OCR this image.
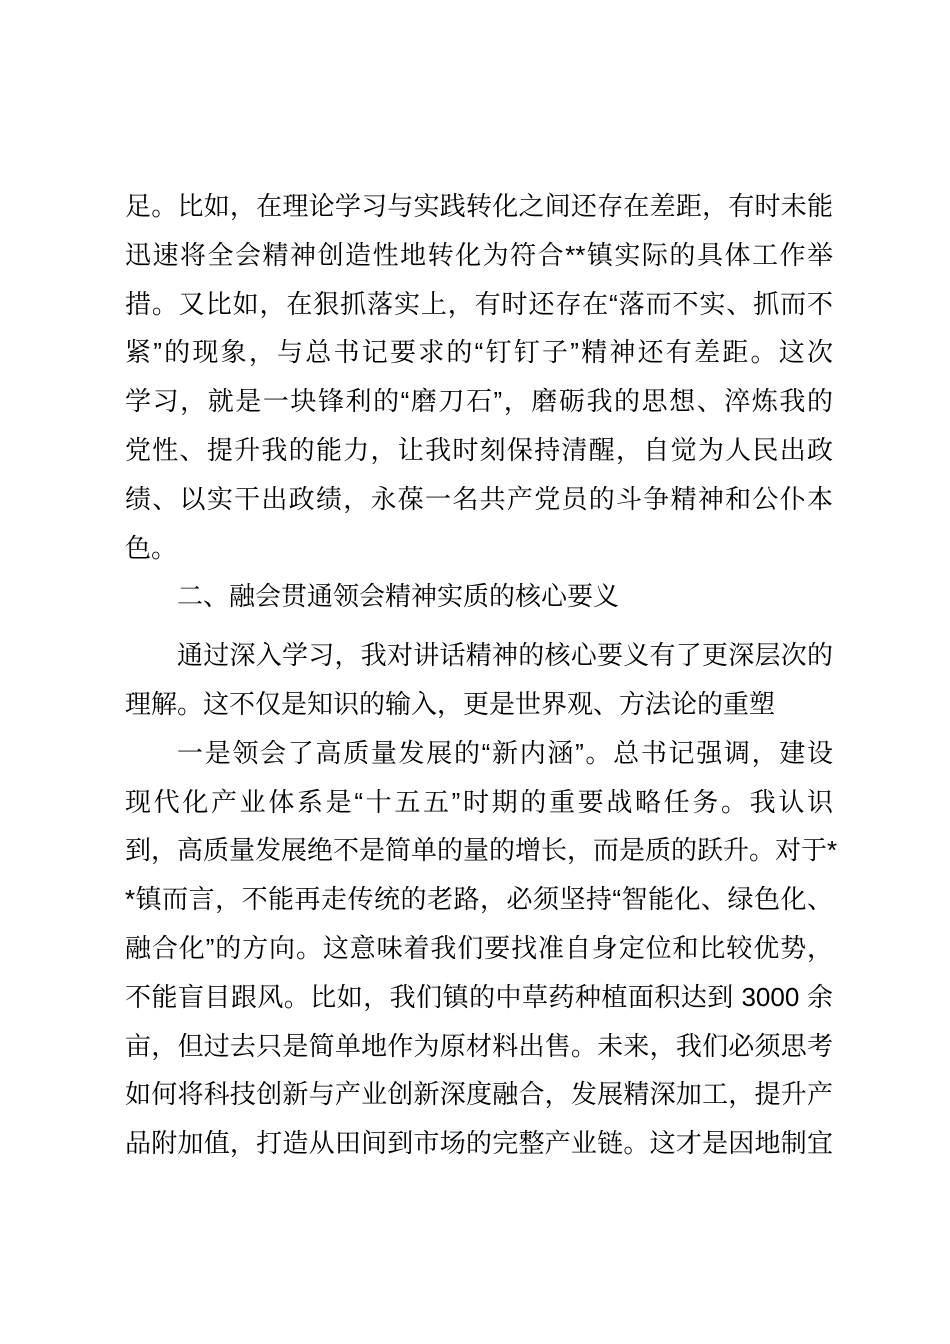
足。比如，在理论学习与实践转化之间还存在差距，有时未能
迅速将全会精神创造性地转化为符合**镇实际的具体工作举
措。又比如，在狠抓落实上，有时还存在“落而不实、抓而不
紧”的现象，与总书记要求的“钉钉子”精神还有差距。这次
学习，就是一块锋利的“磨刀石”，磨砺我的思想、淬炼我的
党性、提升我的能力，让我时刻保持清醒，自觉为人民出政
绩、以实干出政绩，永葆一名共产党员的斗争精神和公仆本
色。
二、融会贯通领会精神实质的核心要义
通过深入学习，我对讲话精神的核心要义有了更深层次的
理解。这不仅是知识的输入，更是世界观、方法论的重塑
一是领会了高质量发展的“新内涵”。总书记强调，建设
现代化产业体系是“十五五”时期的重要战略任务。我认识
到，高质量发展绝不是简单的量的增长，而是质的跃升。对于*
*镇而言，不能再走传统的老路，必须坚持“智能化、绿色化、
融合化”的方向。这意味着我们要找准自身定位和比较优势，
不能盲目跟风。比如，我们镇的中草药种植面积达到 3000 余
亩，但过去只是简单地作为原材料出售。未来，我们必须思考
如何将科技创新与产业创新深度融合，发展精深加工，提升产
品附加值，打造从田间到市场的完整产业链。这才是因地制宜
